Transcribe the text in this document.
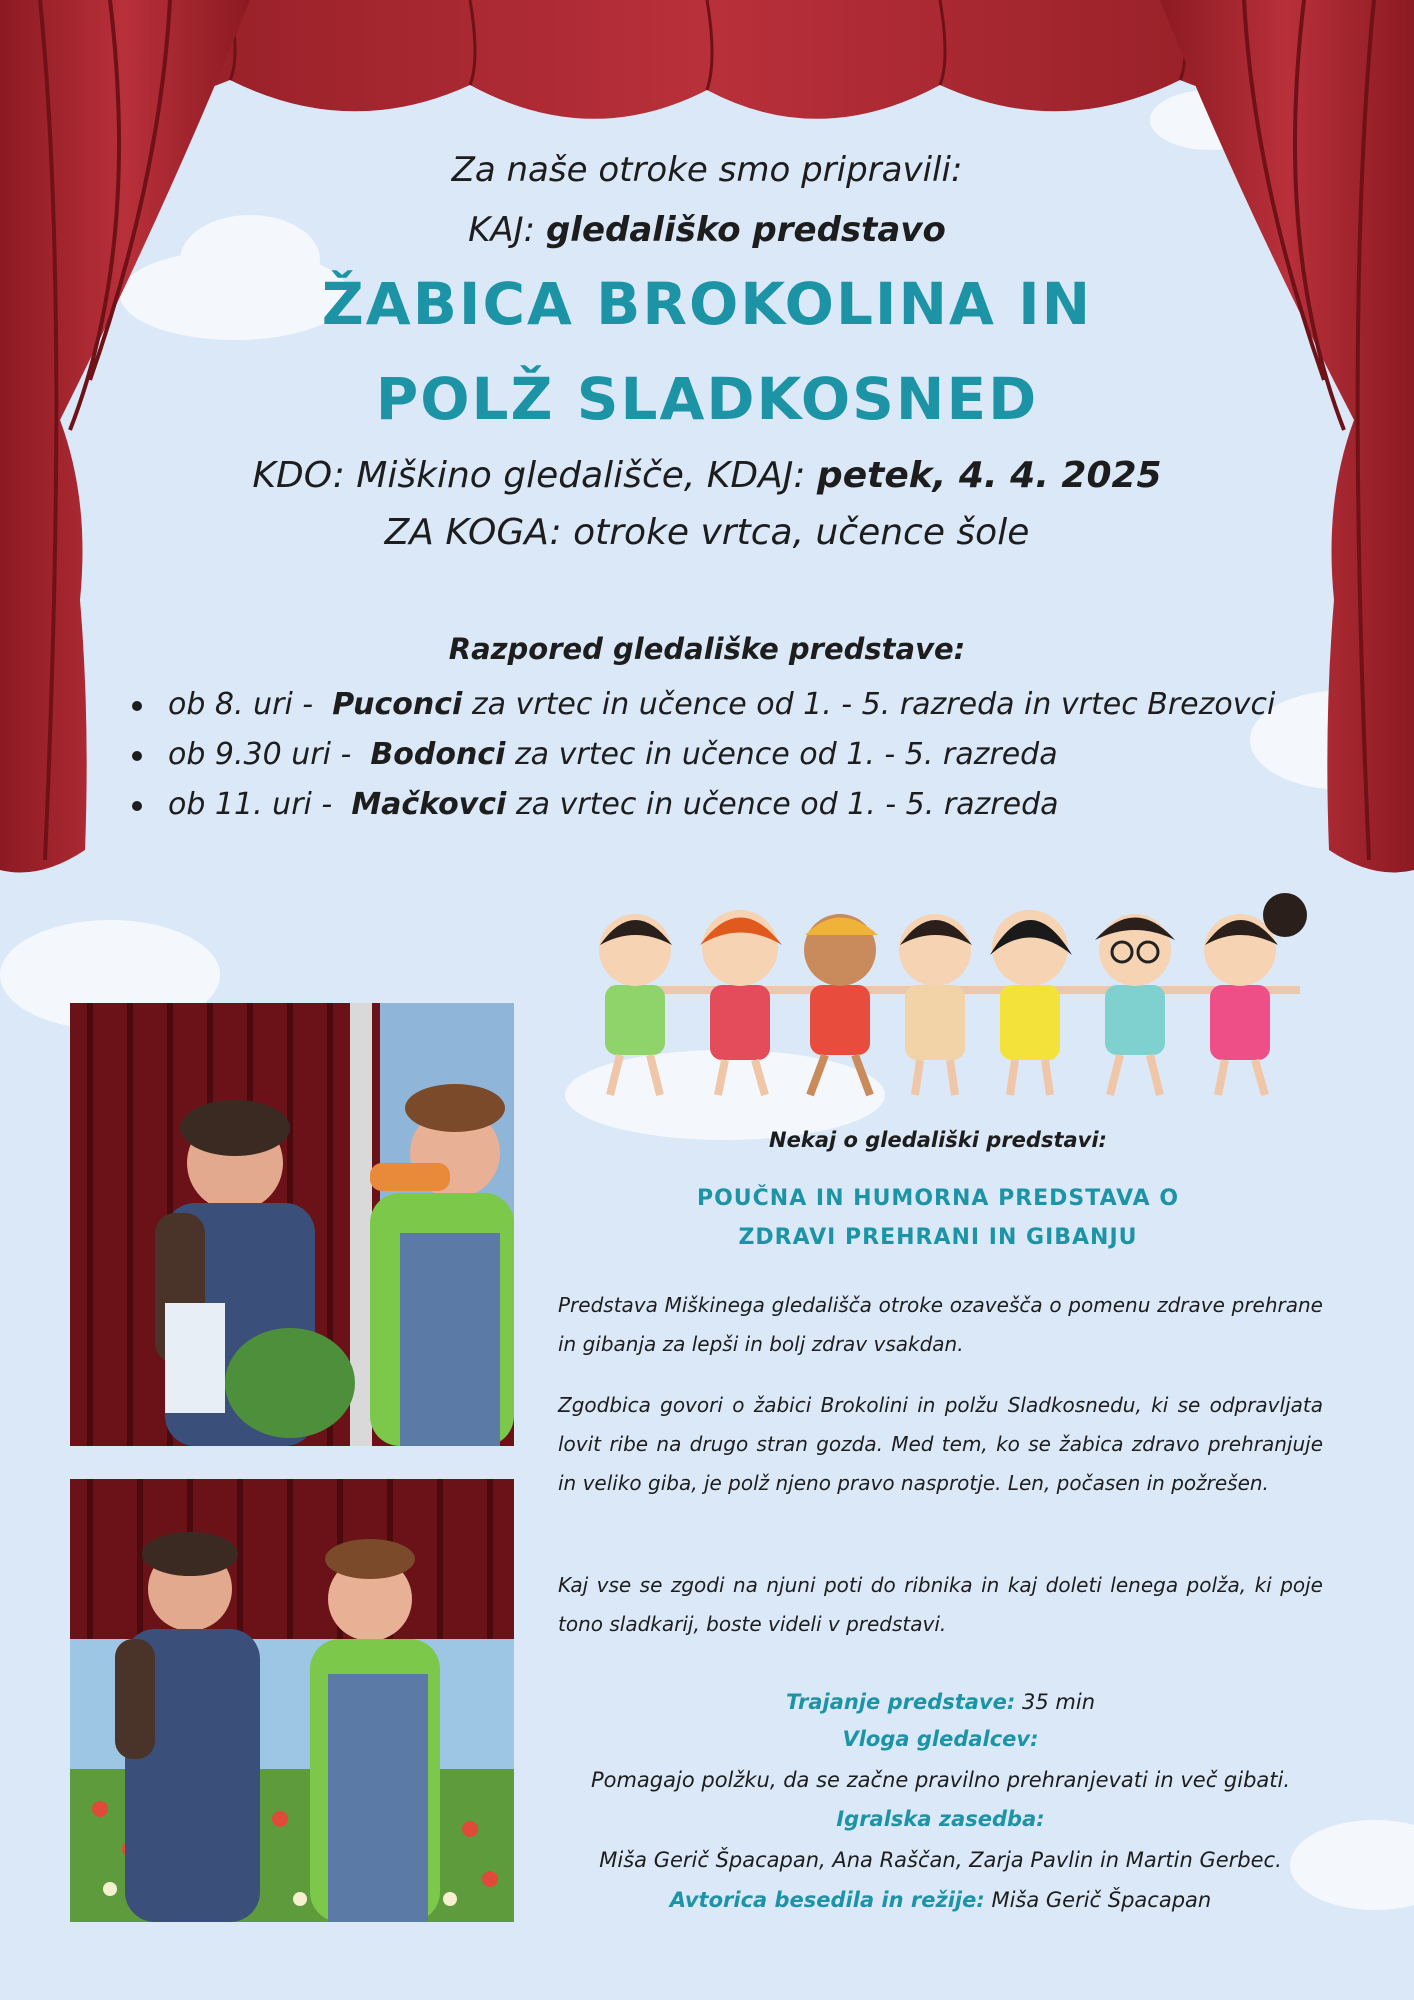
Za naše otroke smo pripravili:
KAJ: gledališko predstavo
ŽABICA BROKOLINA IN
POLŽ SLADKOSNED
KDO: Miškino gledališče, KDAJ: petek, 4. 4. 2025
ZA KOGA: otroke vrtca, učence šole
Razpored gledališke predstave:
ob 8. uri - Puconci za vrtec in učence od 1. - 5. razreda in vrtec Brezovci
ob 9.30 uri - Bodonci za vrtec in učence od 1. - 5. razreda
ob 11. uri - Mačkovci za vrtec in učence od 1. - 5. razreda
Nekaj o gledališki predstavi:
POUČNA IN HUMORNA PREDSTAVA O
ZDRAVI PREHRANI IN GIBANJU

Predstava Miškinega gledališča otroke ozavešča o pomenu zdrave prehrane in gibanja za lepši in bolj zdrav vsakdan.

Zgodbica govori o žabici Brokolini in polžu Sladkosnedu, ki se odpravljata lovit ribe na drugo stran gozda. Med tem, ko se žabica zdravo prehranjuje in veliko giba, je polž njeno pravo nasprotje. Len, počasen in požrešen.

Kaj vse se zgodi na njuni poti do ribnika in kaj doleti lenega polža, ki poje tono sladkarij, boste videli v predstavi.

Trajanje predstave: 35 min
Vloga gledalcev:
Pomagajo polžku, da se začne pravilno prehranjevati in več gibati.
Igralska zasedba:
Miša Gerič Špacapan, Ana Raščan, Zarja Pavlin in Martin Gerbec.
Avtorica besedila in režije: Miša Gerič Špacapan
